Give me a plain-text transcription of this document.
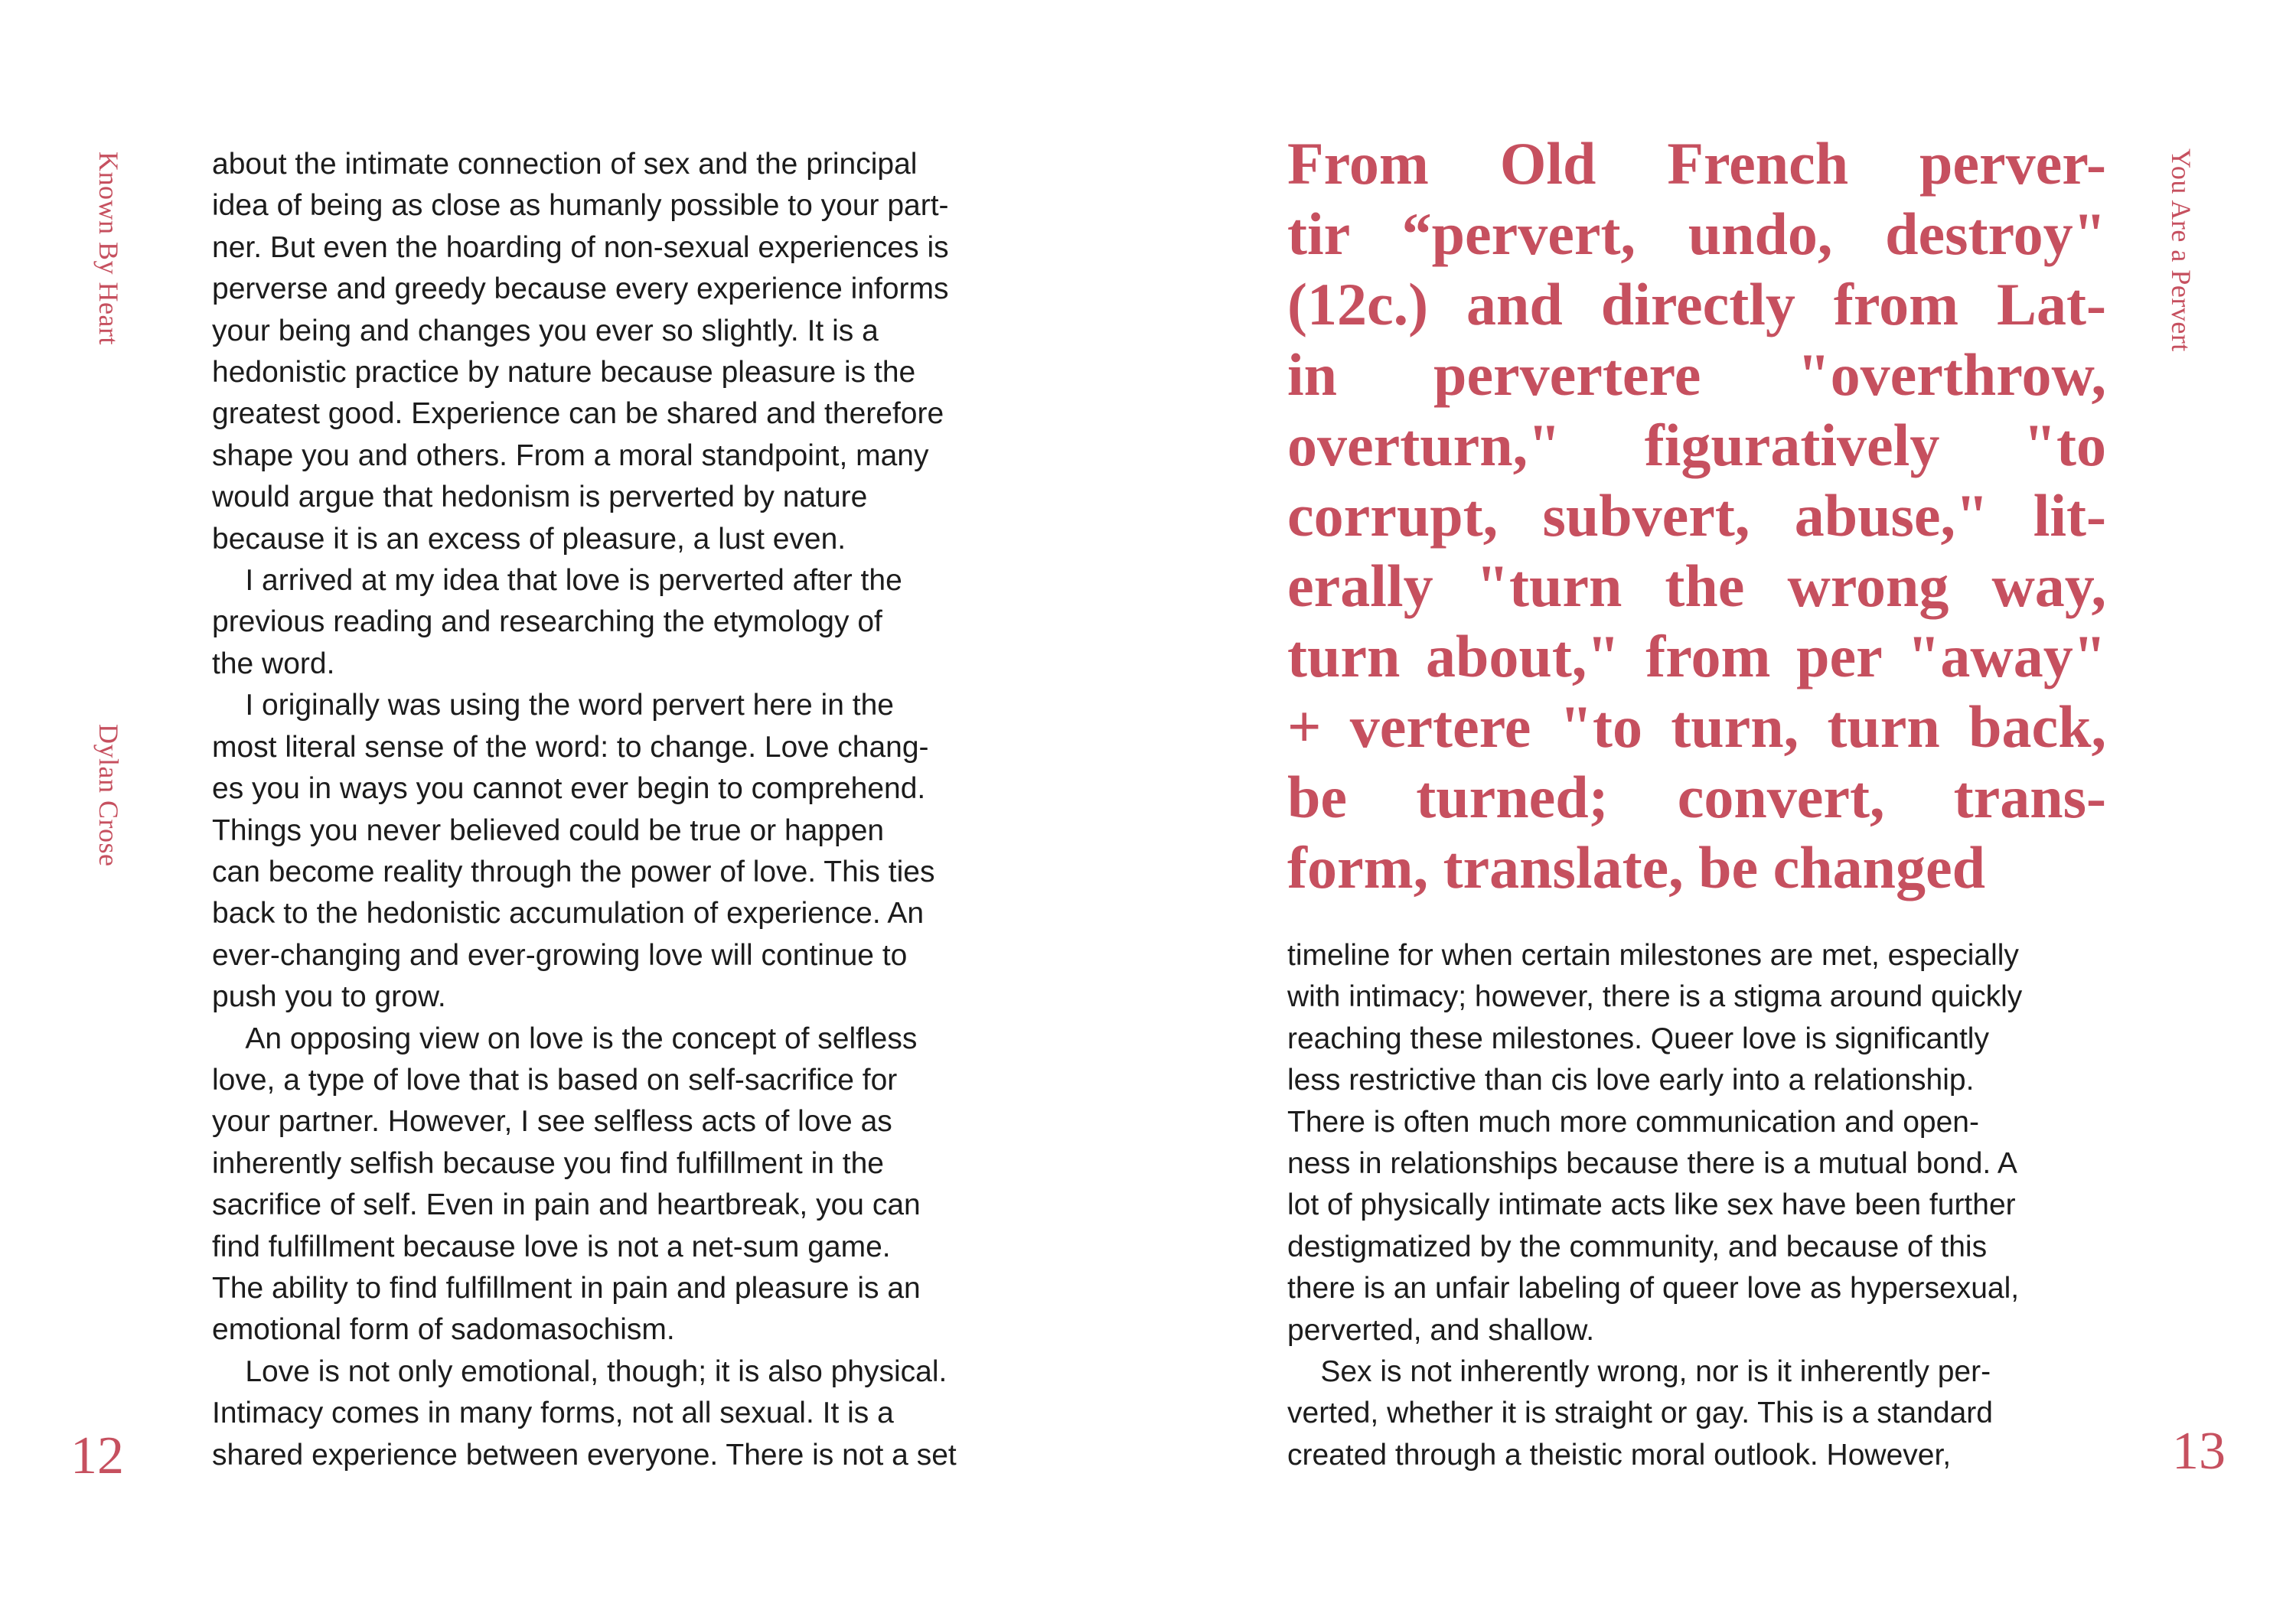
Known By Heart
Dylan Crose
12

about the intimate connection of sex and the principal

idea of being as close as humanly possible to your part-

ner. But even the hoarding of non-sexual experiences is

perverse and greedy because every experience informs

your being and changes you ever so slightly. It is a

hedonistic practice by nature because pleasure is the

greatest good. Experience can be shared and therefore

shape you and others. From a moral standpoint, many

would argue that hedonism is perverted by nature

because it is an excess of pleasure, a lust even.

I arrived at my idea that love is perverted after the

previous reading and researching the etymology of

the word.

I originally was using the word pervert here in the

most literal sense of the word: to change. Love chang-

es you in ways you cannot ever begin to comprehend.

Things you never believed could be true or happen

can become reality through the power of love. This ties

back to the hedonistic accumulation of experience. An

ever-changing and ever-growing love will continue to

push you to grow.

An opposing view on love is the concept of selfless

love, a type of love that is based on self-sacrifice for

your partner. However, I see selfless acts of love as

inherently selfish because you find fulfillment in the

sacrifice of self. Even in pain and heartbreak, you can

find fulfillment because love is not a net-sum game.

The ability to find fulfillment in pain and pleasure is an

emotional form of sadomasochism.

Love is not only emotional, though; it is also physical.

Intimacy comes in many forms, not all sexual. It is a

shared experience between everyone. There is not a set

You Are a Pervert
13

From Old French perver-

tir “pervert, undo, destroy"

(12c.) and directly from Lat-

in pervertere "overthrow,

overturn," figuratively "to

corrupt, subvert, abuse," lit-

erally "turn the wrong way,

turn about," from per "away"

+ vertere "to turn, turn back,

be turned; convert, trans-

form, translate, be changed

timeline for when certain milestones are met, especially

with intimacy; however, there is a stigma around quickly

reaching these milestones. Queer love is significantly

less restrictive than cis love early into a relationship.

There is often much more communication and open-

ness in relationships because there is a mutual bond. A

lot of physically intimate acts like sex have been further

destigmatized by the community, and because of this

there is an unfair labeling of queer love as hypersexual,

perverted, and shallow.

Sex is not inherently wrong, nor is it inherently per-

verted, whether it is straight or gay. This is a standard

created through a theistic moral outlook. However,
